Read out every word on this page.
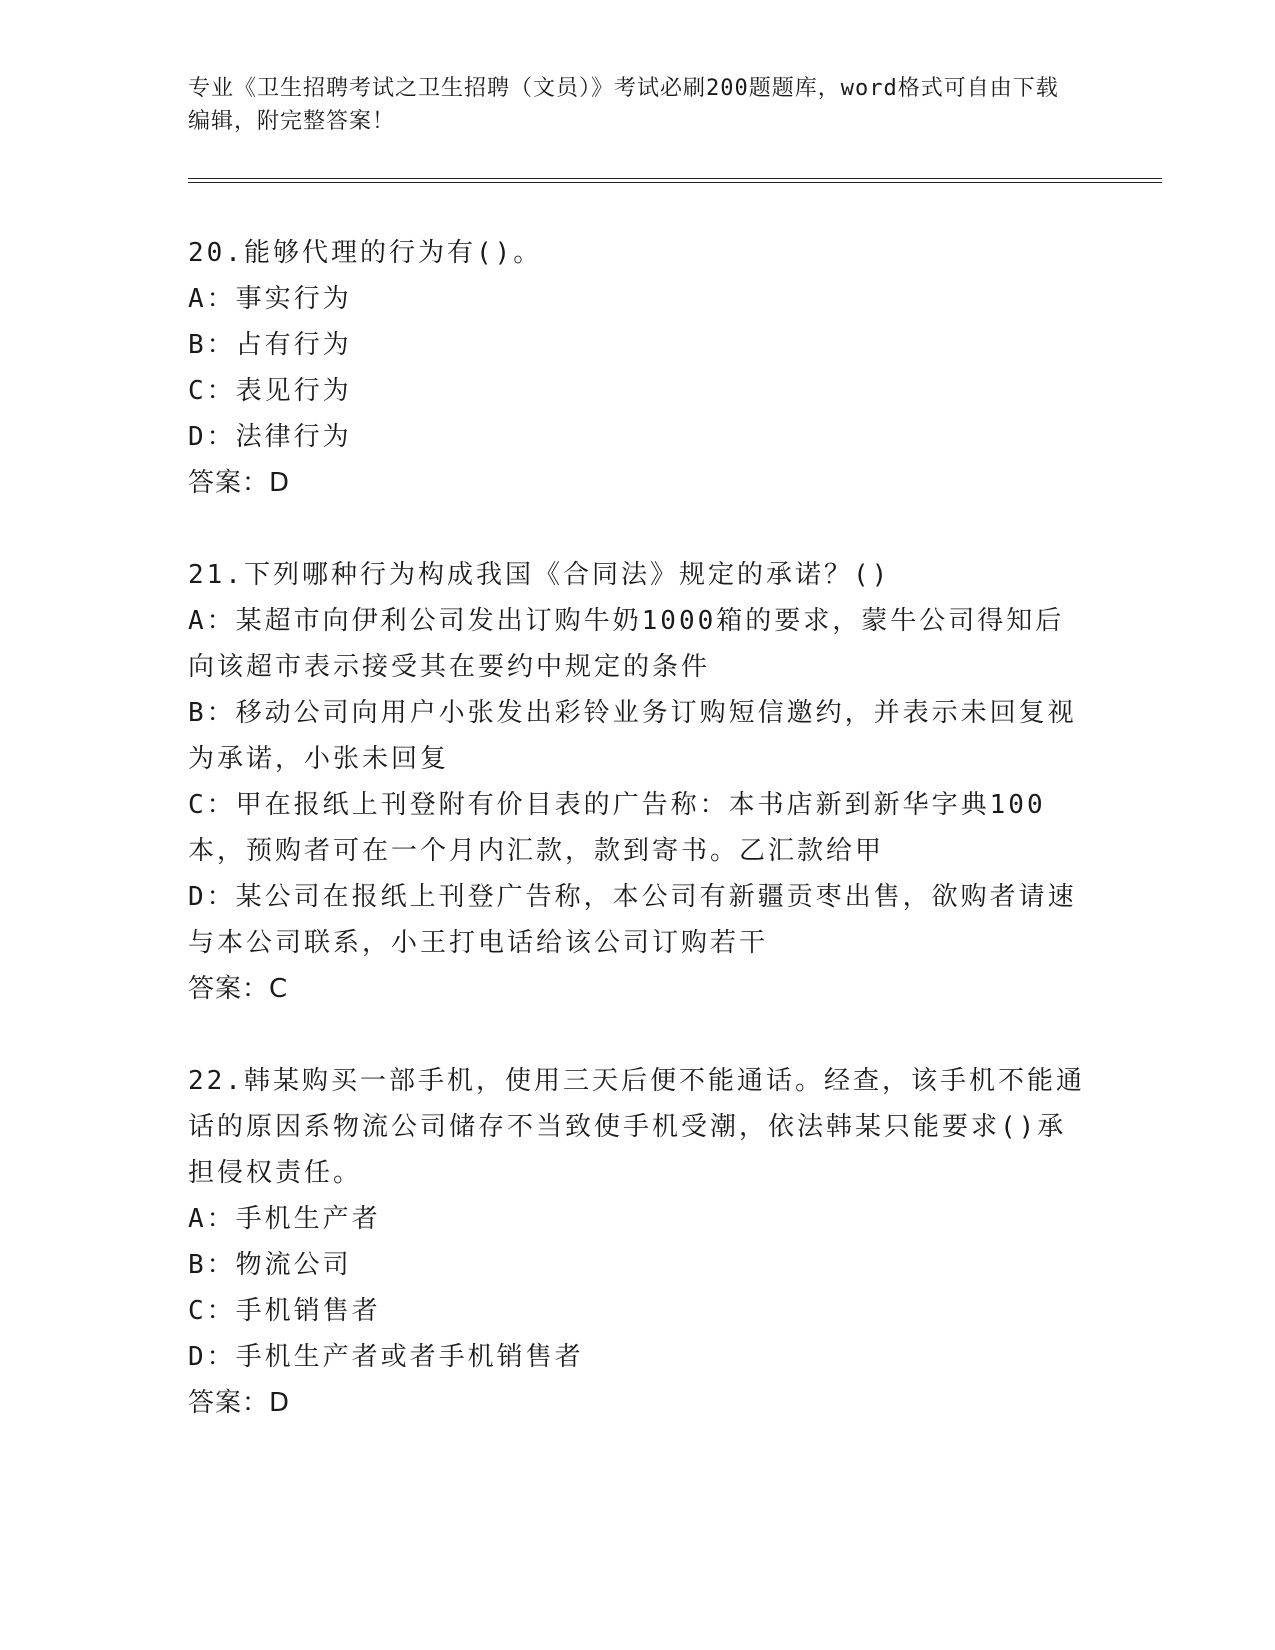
专业《卫生招聘考试之卫生招聘（文员）》考试必刷200题题库，word格式可自由下载编辑，附完整答案！

20.能够代理的行为有()。

A：事实行为

B：占有行为

C：表见行为

D：法律行为

答案：D

21.下列哪种行为构成我国《合同法》规定的承诺？()

A：某超市向伊利公司发出订购牛奶1000箱的要求，蒙牛公司得知后向该超市表示接受其在要约中规定的条件

B：移动公司向用户小张发出彩铃业务订购短信邀约，并表示未回复视为承诺，小张未回复

C：甲在报纸上刊登附有价目表的广告称：本书店新到新华字典100本，预购者可在一个月内汇款，款到寄书。乙汇款给甲

D：某公司在报纸上刊登广告称，本公司有新疆贡枣出售，欲购者请速与本公司联系，小王打电话给该公司订购若干

答案：C

22.韩某购买一部手机，使用三天后便不能通话。经查，该手机不能通话的原因系物流公司储存不当致使手机受潮，依法韩某只能要求()承担侵权责任。

A：手机生产者

B：物流公司

C：手机销售者

D：手机生产者或者手机销售者

答案：D
